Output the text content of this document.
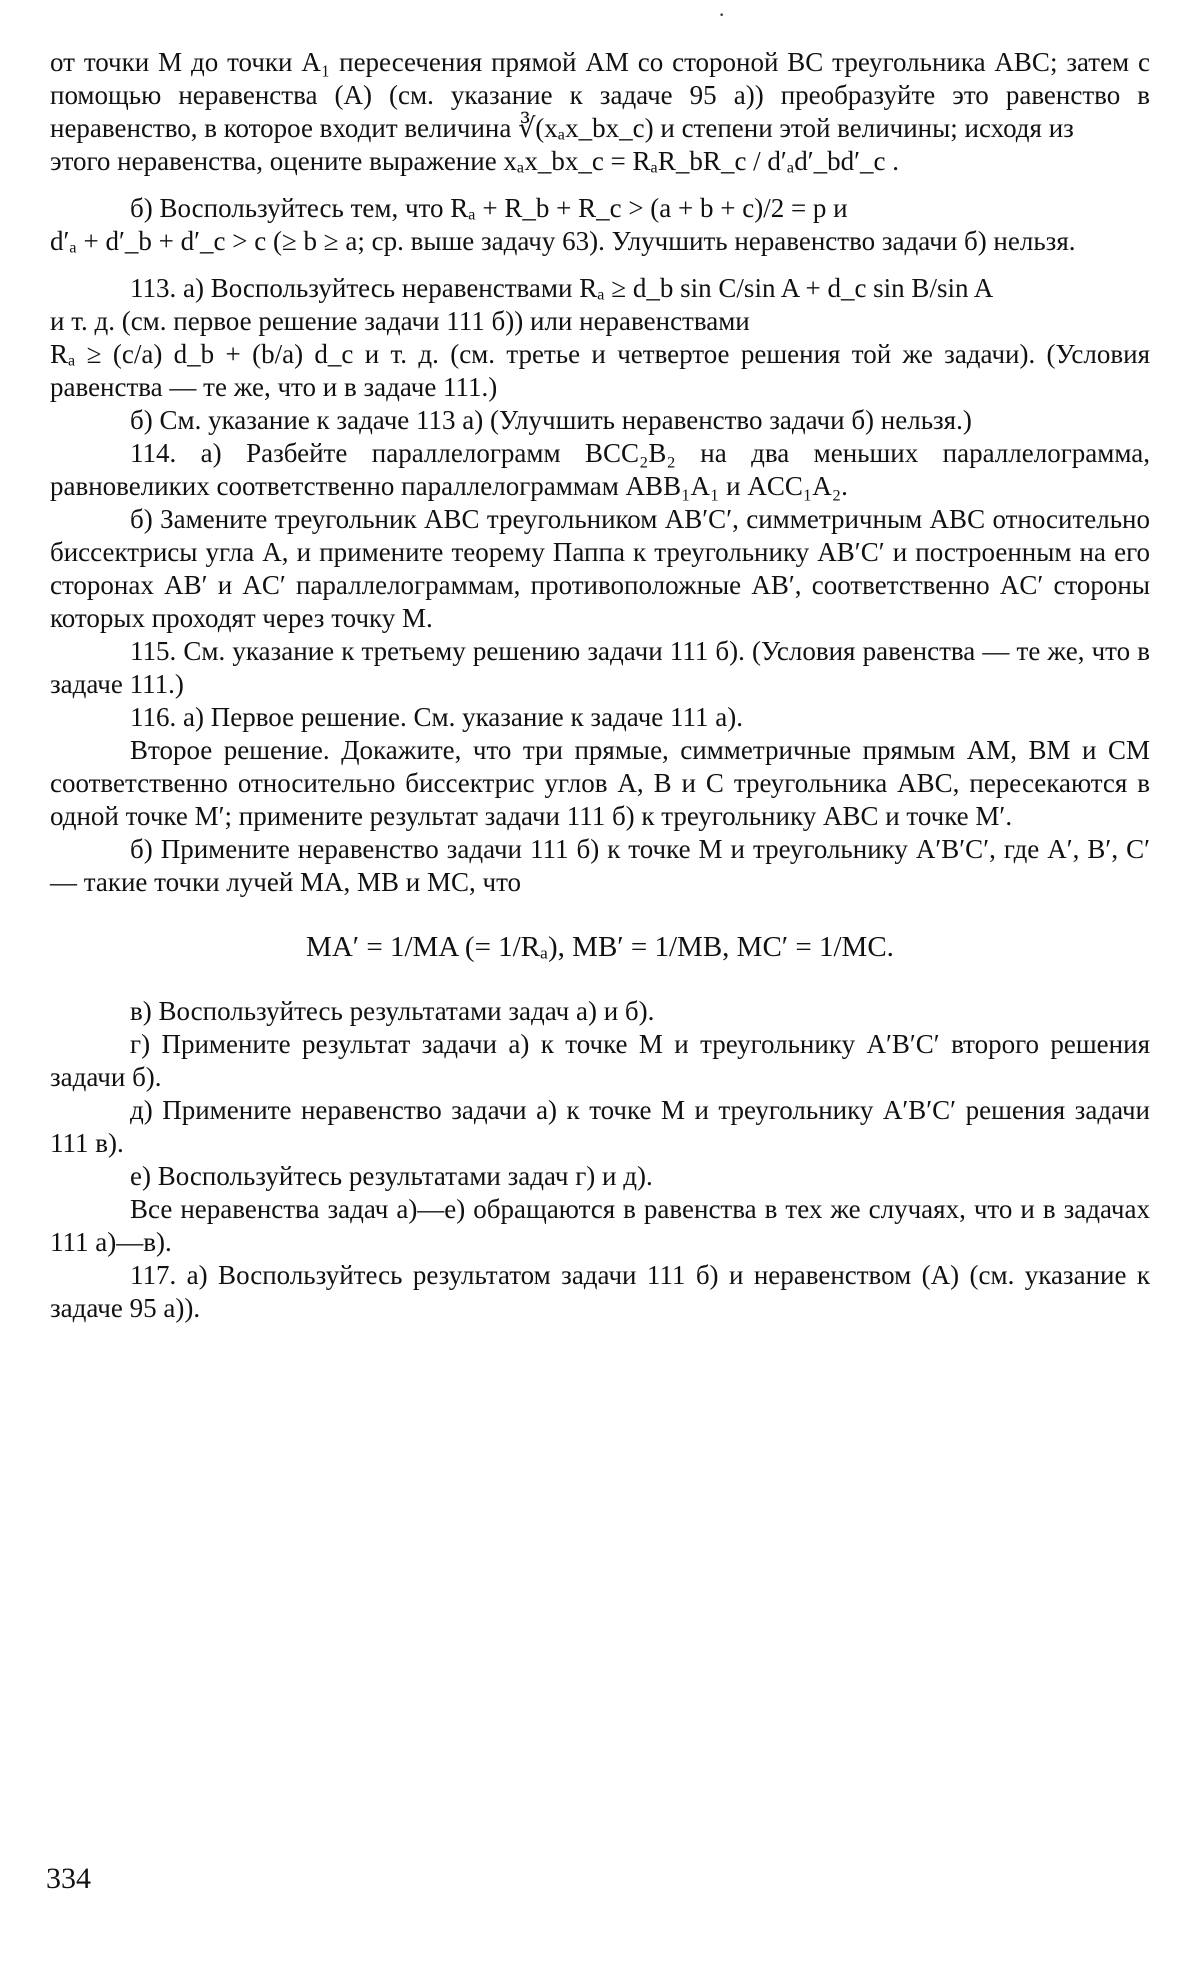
·

от точки M до точки A₁ пересечения прямой AM со стороной BC треугольника ABC; затем с помощью неравенства (А) (см. указание к задаче 95 а)) преобразуйте это равенство в неравенство, в которое входит величина ∛(xₐx_bx_c) и степени этой величины; исходя из

этого неравенства, оцените выражение xₐx_bx_c = RₐR_bR_c / d′ₐd′_bd′_c .

б) Воспользуйтесь тем, что Rₐ + R_b + R_c > (a + b + c)/2 = p и

d′ₐ + d′_b + d′_c > c (≥ b ≥ a; ср. выше задачу 63). Улучшить неравенство задачи б) нельзя.

113. а) Воспользуйтесь неравенствами Rₐ ≥ d_b sin C/sin A + d_c sin B/sin A

и т. д. (см. первое решение задачи 111 б)) или неравенствами

Rₐ ≥ (c/a) d_b + (b/a) d_c и т. д. (см. третье и четвертое решения той же задачи). (Условия равенства — те же, что и в задаче 111.)

б) См. указание к задаче 113 а) (Улучшить неравенство задачи б) нельзя.)

114. а) Разбейте параллелограмм BCC₂B₂ на два меньших параллелограмма, равновеликих соответственно параллелограммам ABB₁A₁ и ACC₁A₂.

б) Замените треугольник ABC треугольником AB′C′, симметричным ABC относительно биссектрисы угла A, и примените теорему Паппа к треугольнику AB′C′ и построенным на его сторонах AB′ и AC′ параллелограммам, противоположные AB′, соответственно AC′ стороны которых проходят через точку M.

115. См. указание к третьему решению задачи 111 б). (Условия равенства — те же, что в задаче 111.)

116. а) Первое решение. См. указание к задаче 111 а).

Второе решение. Докажите, что три прямые, симметричные прямым AM, BM и CM соответственно относительно биссектрис углов A, B и C треугольника ABC, пересекаются в одной точке M′; примените результат задачи 111 б) к треугольнику ABC и точке M′.

б) Примените неравенство задачи 111 б) к точке M и треугольнику A′B′C′, где A′, B′, C′ — такие точки лучей MA, MB и MC, что

MA′ = 1/MA (= 1/Rₐ), MB′ = 1/MB, MC′ = 1/MC.

в) Воспользуйтесь результатами задач а) и б).

г) Примените результат задачи а) к точке M и треугольнику A′B′C′ второго решения задачи б).

д) Примените неравенство задачи а) к точке M и треугольнику A′B′C′ решения задачи 111 в).

е) Воспользуйтесь результатами задач г) и д).

Все неравенства задач а)—е) обращаются в равенства в тех же случаях, что и в задачах 111 а)—в).

117. а) Воспользуйтесь результатом задачи 111 б) и неравенством (А) (см. указание к задаче 95 а)).

334
